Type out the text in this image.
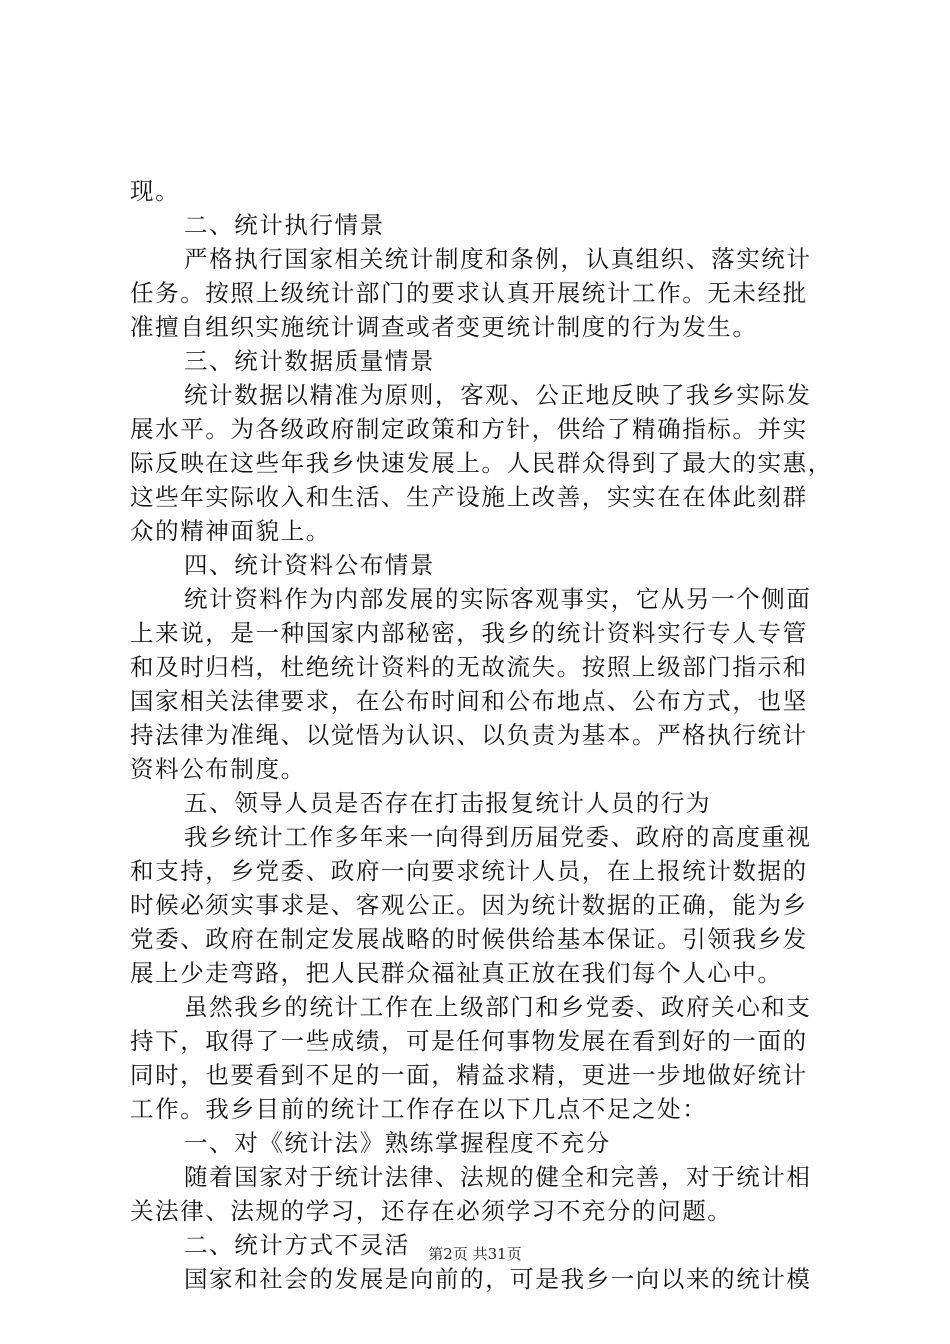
现。
二、统计执行情景
严格执行国家相关统计制度和条例，认真组织、落实统计
任务。按照上级统计部门的要求认真开展统计工作。无未经批
准擅自组织实施统计调查或者变更统计制度的行为发生。
三、统计数据质量情景
统计数据以精准为原则，客观、公正地反映了我乡实际发
展水平。为各级政府制定政策和方针，供给了精确指标。并实
际反映在这些年我乡快速发展上。人民群众得到了最大的实惠，
这些年实际收入和生活、生产设施上改善，实实在在体此刻群
众的精神面貌上。
四、统计资料公布情景
统计资料作为内部发展的实际客观事实，它从另一个侧面
上来说，是一种国家内部秘密，我乡的统计资料实行专人专管
和及时归档，杜绝统计资料的无故流失。按照上级部门指示和
国家相关法律要求，在公布时间和公布地点、公布方式，也坚
持法律为准绳、以觉悟为认识、以负责为基本。严格执行统计
资料公布制度。
五、领导人员是否存在打击报复统计人员的行为
我乡统计工作多年来一向得到历届党委、政府的高度重视
和支持，乡党委、政府一向要求统计人员，在上报统计数据的
时候必须实事求是、客观公正。因为统计数据的正确，能为乡
党委、政府在制定发展战略的时候供给基本保证。引领我乡发
展上少走弯路，把人民群众福祉真正放在我们每个人心中。
虽然我乡的统计工作在上级部门和乡党委、政府关心和支
持下，取得了一些成绩，可是任何事物发展在看到好的一面的
同时，也要看到不足的一面，精益求精，更进一步地做好统计
工作。我乡目前的统计工作存在以下几点不足之处：
一、对《统计法》熟练掌握程度不充分
随着国家对于统计法律、法规的健全和完善，对于统计相
关法律、法规的学习，还存在必须学习不充分的问题。
二、统计方式不灵活
国家和社会的发展是向前的，可是我乡一向以来的统计模
第2页 共31页
